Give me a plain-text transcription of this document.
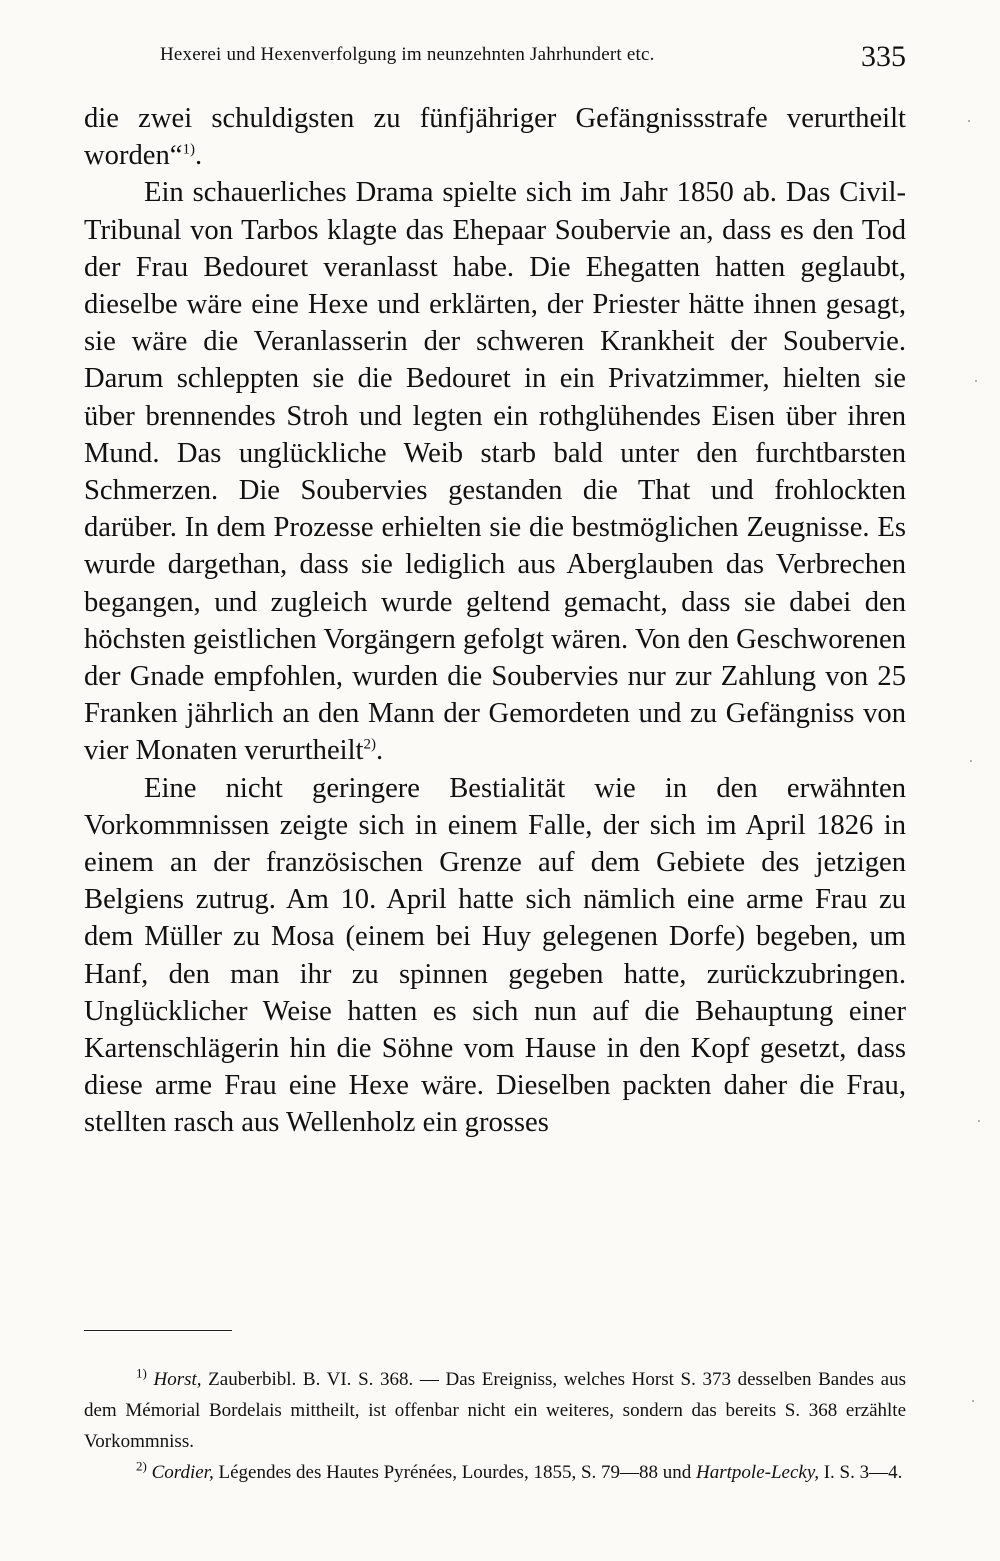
Hexerei und Hexenverfolgung im neunzehnten Jahrhundert etc.	335

die zwei schuldigsten zu fünfjähriger Gefängnissstrafe verurtheilt worden“$^{1)}$.

Ein schauerliches Drama spielte sich im Jahr 1850 ab. Das Civil-Tribunal von Tarbos klagte das Ehepaar Soubervie an, dass es den Tod der Frau Bedouret veranlasst habe. Die Ehegatten hatten geglaubt, dieselbe wäre eine Hexe und erklärten, der Priester hätte ihnen gesagt, sie wäre die Veranlasserin der schweren Krankheit der Soubervie. Darum schleppten sie die Bedouret in ein Privatzimmer, hielten sie über brennendes Stroh und legten ein rothglühendes Eisen über ihren Mund. Das unglückliche Weib starb bald unter den furchtbarsten Schmerzen. Die Soubervies gestanden die That und frohlockten darüber. In dem Prozesse erhielten sie die bestmöglichen Zeugnisse. Es wurde dargethan, dass sie lediglich aus Aberglauben das Verbrechen begangen, und zugleich wurde geltend gemacht, dass sie dabei den höchsten geistlichen Vorgängern gefolgt wären. Von den Geschworenen der Gnade empfohlen, wurden die Soubervies nur zur Zahlung von 25 Franken jährlich an den Mann der Gemordeten und zu Gefängniss von vier Monaten verurtheilt$^{2)}$.

Eine nicht geringere Bestialität wie in den erwähnten Vorkommnissen zeigte sich in einem Falle, der sich im April 1826 in einem an der französischen Grenze auf dem Gebiete des jetzigen Belgiens zutrug. Am 10. April hatte sich nämlich eine arme Frau zu dem Müller zu Mosa (einem bei Huy gelegenen Dorfe) begeben, um Hanf, den man ihr zu spinnen gegeben hatte, zurückzubringen. Unglücklicher Weise hatten es sich nun auf die Behauptung einer Kartenschlägerin hin die Söhne vom Hause in den Kopf gesetzt, dass diese arme Frau eine Hexe wäre. Dieselben packten daher die Frau, stellten rasch aus Wellenholz ein grosses

$^{1)}$ Horst, Zauberbibl. B. VI. S. 368. — Das Ereigniss, welches Horst S. 373 desselben Bandes aus dem Mémorial Bordelais mittheilt, ist offenbar nicht ein weiteres, sondern das bereits S. 368 erzählte Vorkommniss.

$^{2)}$ Cordier, Légendes des Hautes Pyrénées, Lourdes, 1855, S. 79—88 und Hartpole-Lecky, I. S. 3—4.
